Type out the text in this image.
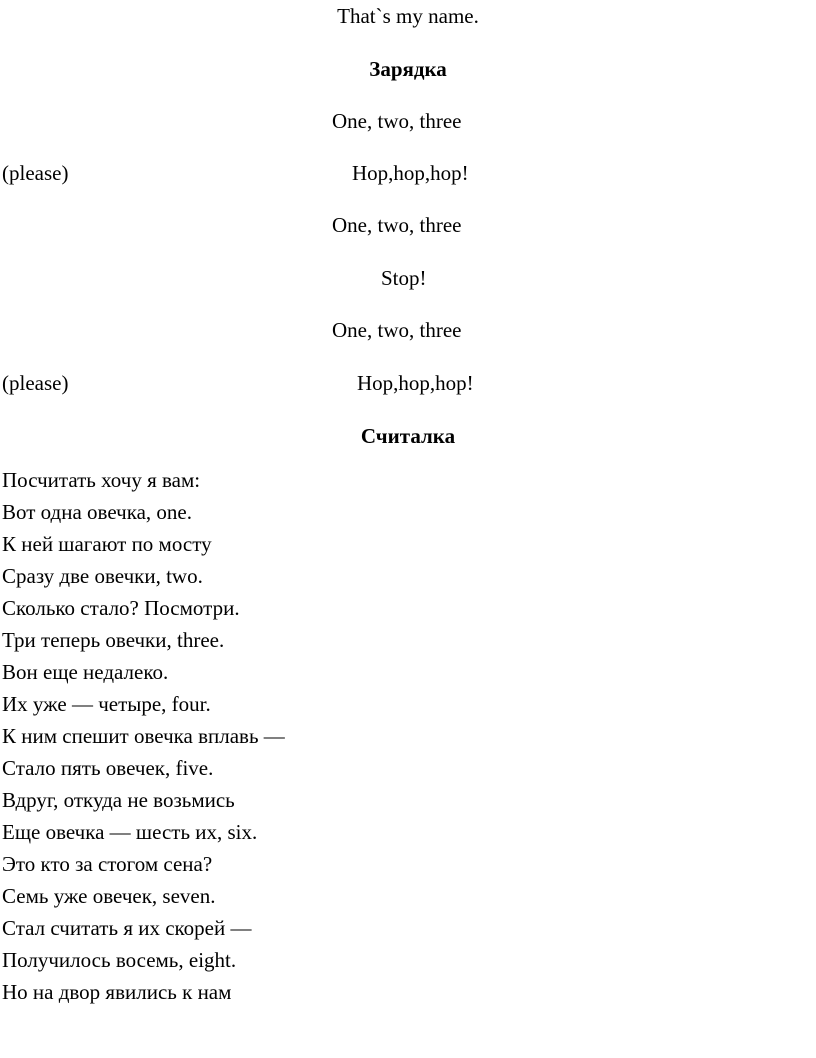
That`s my name.
Зарядка
One, two, three
(please)	Hop,hop,hop!
One, two, three
Stop!
One, two, three
(please)	Hop,hop,hop!
Считалка
Посчитать хочу я вам:
Вот одна овечка, one.
К ней шагают по мосту
Сразу две овечки, two.
Сколько стало? Посмотри.
Три теперь овечки, three.
Вон еще недалеко.
Их уже — четыре, four.
К ним спешит овечка вплавь —
Стало пять овечек, five.
Вдруг, откуда не возьмись
Еще овечка — шесть их, six.
Это кто за стогом сена?
Семь уже овечек, seven.
Стал считать я их скорей —
Получилось восемь, eight.
Но на двор явились к нам
